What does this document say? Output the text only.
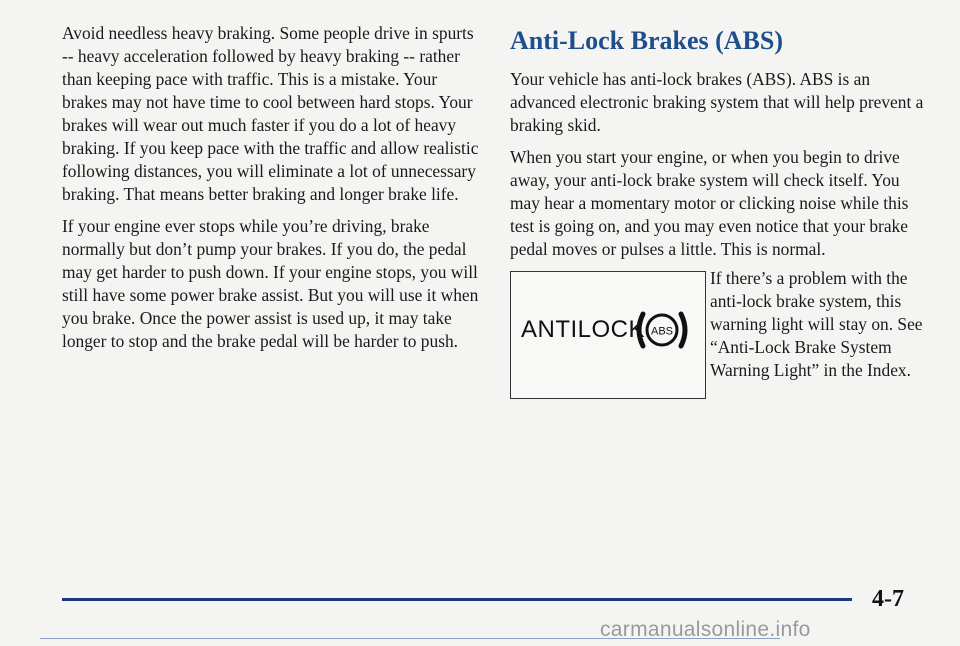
Avoid needless heavy braking. Some people drive in spurts -- heavy acceleration followed by heavy braking -- rather than keeping pace with traffic. This is a mistake. Your brakes may not have time to cool between hard stops. Your brakes will wear out much faster if you do a lot of heavy braking. If you keep pace with the traffic and allow realistic following distances, you will eliminate a lot of unnecessary braking. That means better braking and longer brake life.

If your engine ever stops while you’re driving, brake normally but don’t pump your brakes. If you do, the pedal may get harder to push down. If your engine stops, you will still have some power brake assist. But you will use it when you brake. Once the power assist is used up, it may take longer to stop and the brake pedal will be harder to push.

Anti-Lock Brakes (ABS)

Your vehicle has anti-lock brakes (ABS). ABS is an advanced electronic braking system that will help prevent a braking skid.

When you start your engine, or when you begin to drive away, your anti-lock brake system will check itself. You may hear a momentary motor or clicking noise while this test is going on, and you may even notice that your brake pedal moves or pulses a little. This is normal.

ANTILOCK ABS

If there’s a problem with the anti-lock brake system, this warning light will stay on. See “Anti-Lock Brake System Warning Light” in the Index.

4-7
carmanualsonline.info
